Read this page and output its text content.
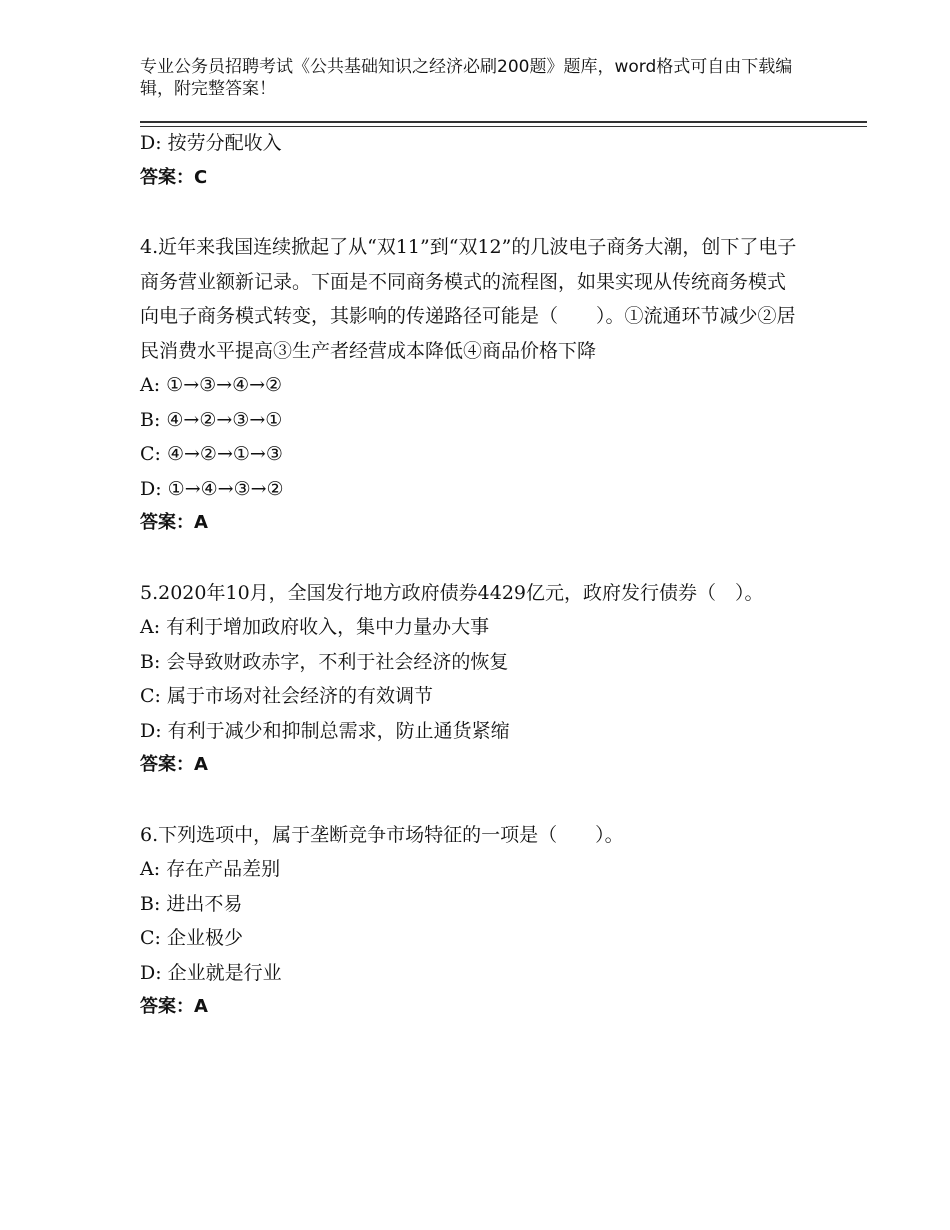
专业公务员招聘考试《公共基础知识之经济必刷200题》题库，word格式可自由下载编辑，附完整答案！
D: 按劳分配收入
答案：C

4.近年来我国连续掀起了从“双11”到“双12”的几波电子商务大潮，创下了电子商务营业额新记录。下面是不同商务模式的流程图，如果实现从传统商务模式向电子商务模式转变，其影响的传递路径可能是（　　）。①流通环节减少②居民消费水平提高③生产者经营成本降低④商品价格下降

A: ①→③→④→②
B: ④→②→③→①
C: ④→②→①→③
D: ①→④→③→②
答案：A

5.2020年10月，全国发行地方政府债券4429亿元，政府发行债券（　）。

A: 有利于增加政府收入，集中力量办大事
B: 会导致财政赤字，不利于社会经济的恢复
C: 属于市场对社会经济的有效调节
D: 有利于减少和抑制总需求，防止通货紧缩
答案：A

6.下列选项中，属于垄断竞争市场特征的一项是（　　）。

A: 存在产品差别
B: 进出不易
C: 企业极少
D: 企业就是行业
答案：A
